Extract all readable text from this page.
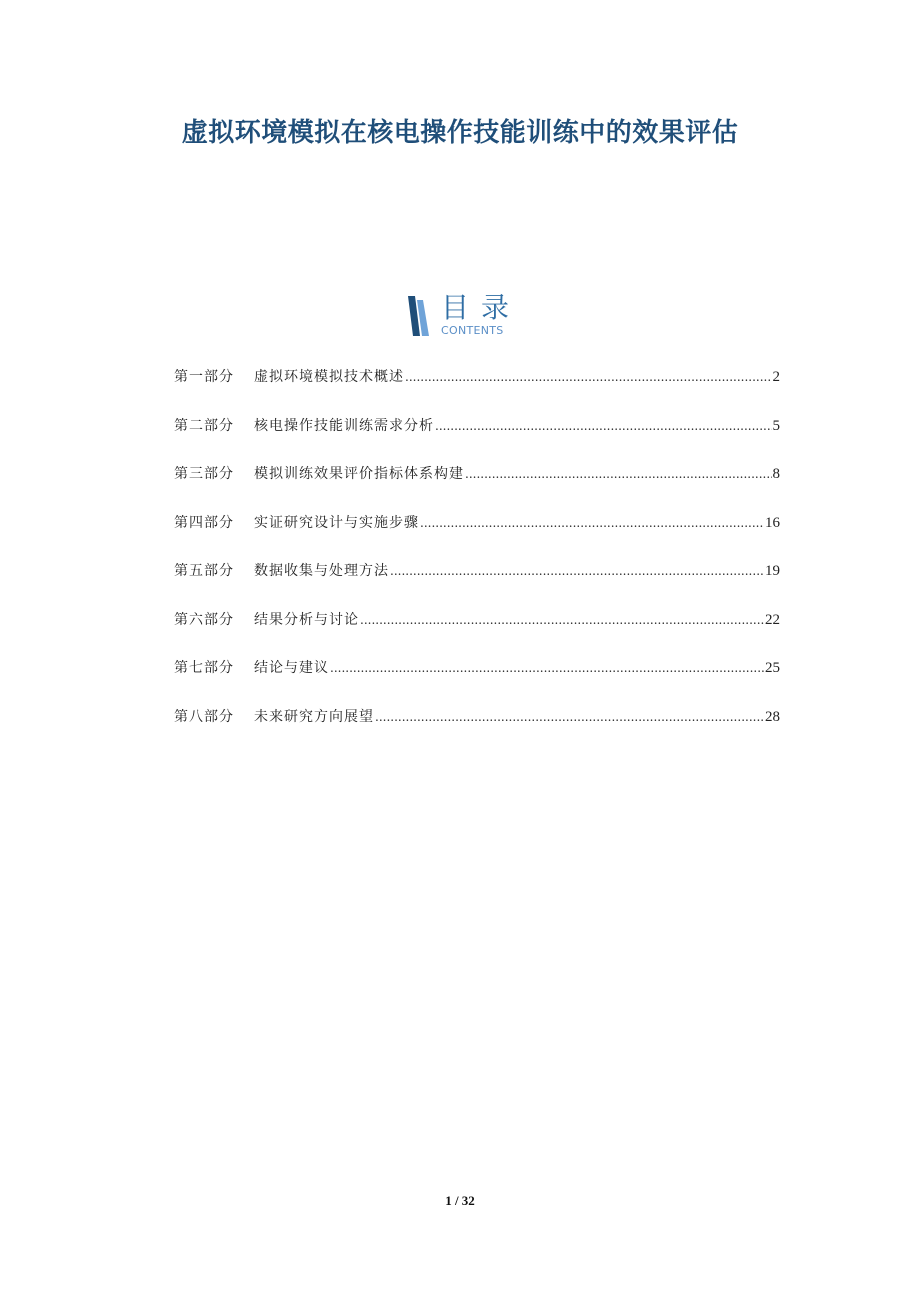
虚拟环境模拟在核电操作技能训练中的效果评估
目录
CONTENTS
第一部分	虚拟环境模拟技术概述 .....	2
第二部分	核电操作技能训练需求分析 .....	5
第三部分	模拟训练效果评价指标体系构建 .....	8
第四部分	实证研究设计与实施步骤 .....	16
第五部分	数据收集与处理方法 .....	19
第六部分	结果分析与讨论 .....	22
第七部分	结论与建议 .....	25
第八部分	未来研究方向展望 .....	28
1 / 32
